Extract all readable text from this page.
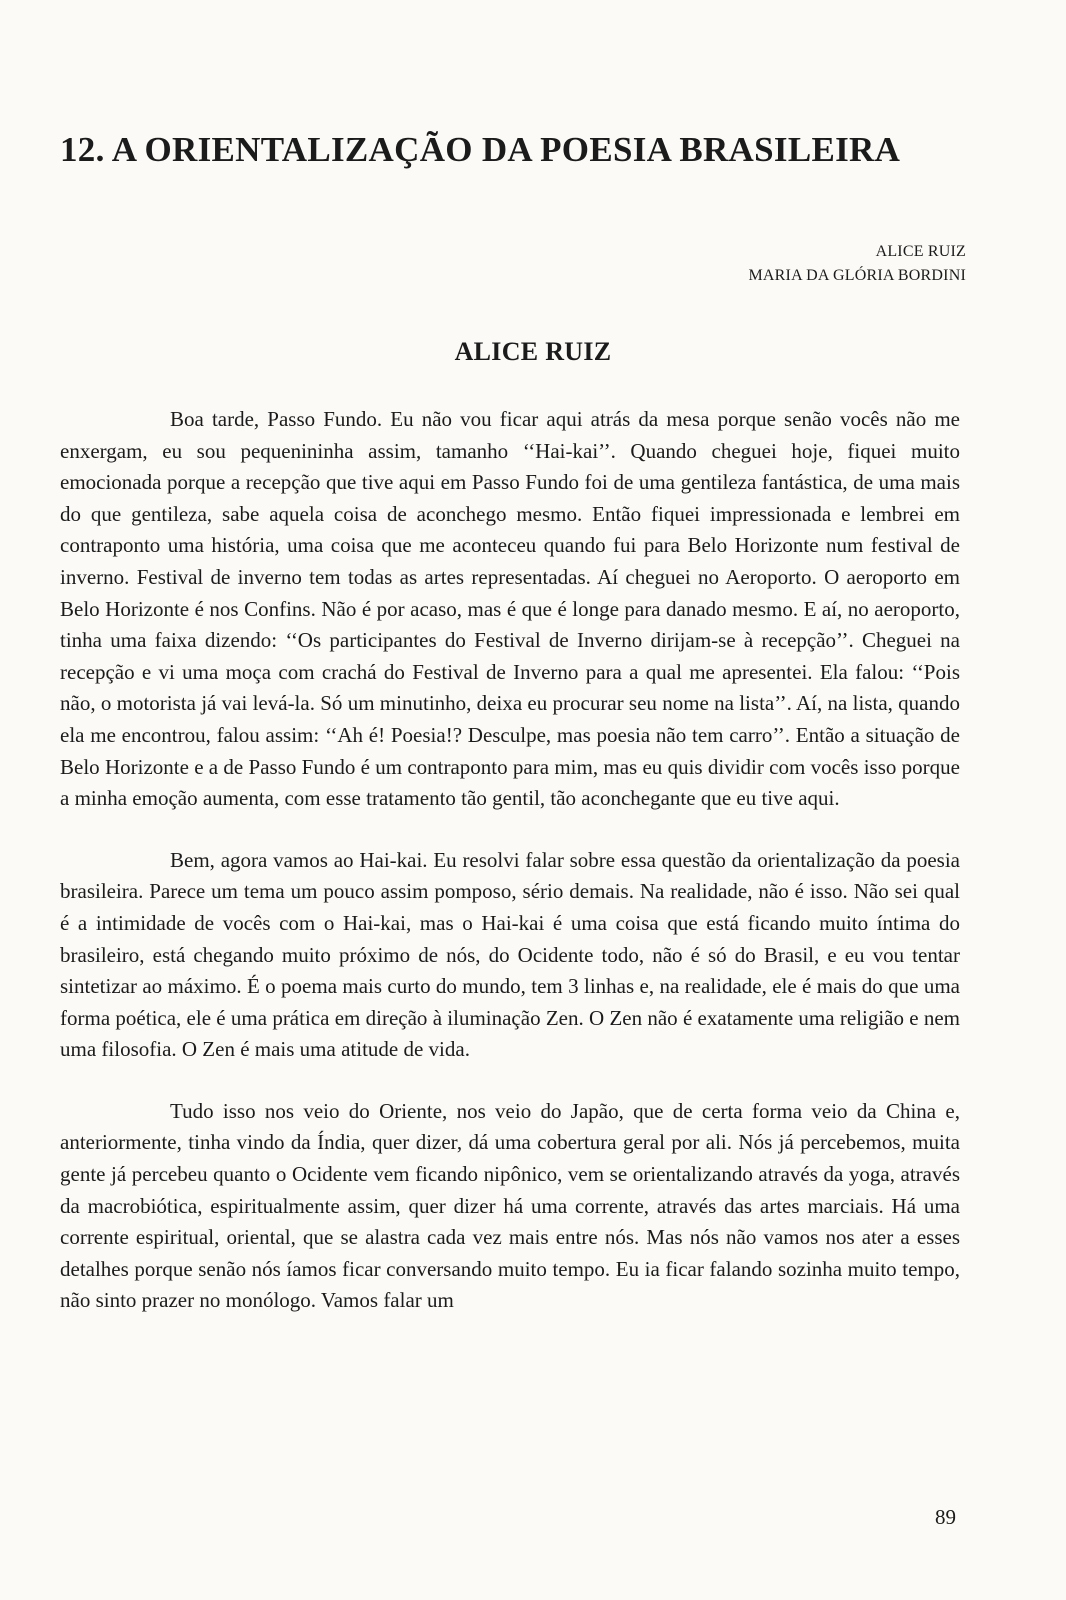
12. A ORIENTALIZAÇÃO DA POESIA BRASILEIRA
ALICE RUIZ
MARIA DA GLÓRIA BORDINI
ALICE RUIZ

Boa tarde, Passo Fundo. Eu não vou ficar aqui atrás da mesa porque senão vocês não me enxergam, eu sou pequenininha assim, tamanho ‘‘Hai-kai’’. Quando cheguei hoje, fiquei muito emocionada porque a recepção que tive aqui em Passo Fundo foi de uma gentileza fantástica, de uma mais do que gentileza, sabe aquela coisa de aconchego mesmo. Então fiquei impressionada e lembrei em contraponto uma história, uma coisa que me aconteceu quando fui para Belo Horizonte num festival de inverno. Festival de inverno tem todas as artes representadas. Aí cheguei no Aeroporto. O aeroporto em Belo Horizonte é nos Confins. Não é por acaso, mas é que é longe para danado mesmo. E aí, no aeroporto, tinha uma faixa dizendo: ‘‘Os participantes do Festival de Inverno dirijam-se à recepção’’. Cheguei na recepção e vi uma moça com crachá do Festival de Inverno para a qual me apresentei. Ela falou: ‘‘Pois não, o motorista já vai levá-la. Só um minutinho, deixa eu procurar seu nome na lista’’. Aí, na lista, quando ela me encontrou, falou assim: ‘‘Ah é! Poesia!? Desculpe, mas poesia não tem carro’’. Então a situação de Belo Horizonte e a de Passo Fundo é um contraponto para mim, mas eu quis dividir com vocês isso porque a minha emoção aumenta, com esse tratamento tão gentil, tão aconchegante que eu tive aqui.

Bem, agora vamos ao Hai-kai. Eu resolvi falar sobre essa questão da orientalização da poesia brasileira. Parece um tema um pouco assim pomposo, sério demais. Na realidade, não é isso. Não sei qual é a intimidade de vocês com o Hai-kai, mas o Hai-kai é uma coisa que está ficando muito íntima do brasileiro, está chegando muito próximo de nós, do Ocidente todo, não é só do Brasil, e eu vou tentar sintetizar ao máximo. É o poema mais curto do mundo, tem 3 linhas e, na realidade, ele é mais do que uma forma poética, ele é uma prática em direção à iluminação Zen. O Zen não é exatamente uma religião e nem uma filosofia. O Zen é mais uma atitude de vida.

Tudo isso nos veio do Oriente, nos veio do Japão, que de certa forma veio da China e, anteriormente, tinha vindo da Índia, quer dizer, dá uma cobertura geral por ali. Nós já percebemos, muita gente já percebeu quanto o Ocidente vem ficando nipônico, vem se orientalizando através da yoga, através da macrobiótica, espiritualmente assim, quer dizer há uma corrente, através das artes marciais. Há uma corrente espiritual, oriental, que se alastra cada vez mais entre nós. Mas nós não vamos nos ater a esses detalhes porque senão nós íamos ficar conversando muito tempo. Eu ia ficar falando sozinha muito tempo, não sinto prazer no monólogo. Vamos falar um

89
